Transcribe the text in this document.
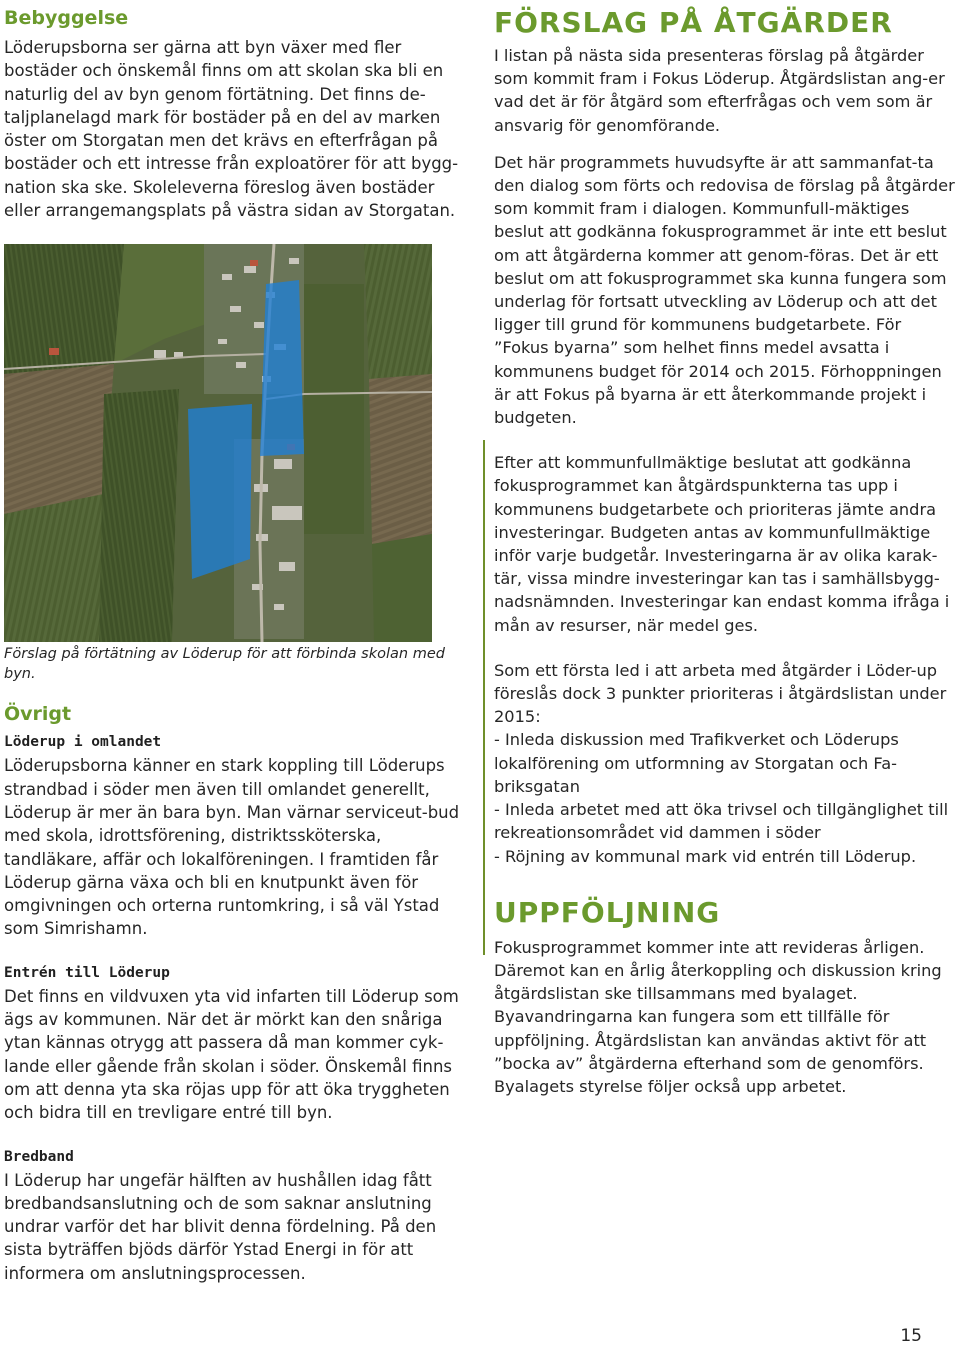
Bebyggelse

Löderupsborna ser gärna att byn växer med fler bostäder och önskemål finns om att skolan ska bli en naturlig del av byn genom förtätning. Det finns de-taljplanelagd mark för bostäder på en del av marken öster om Storgatan men det krävs en efterfrågan på bostäder och ett intresse från exploatörer för att bygg-nation ska ske. Skoleleverna föreslog även bostäder eller arrangemangsplats på västra sidan av Storgatan.

Förslag på förtätning av Löderup för att förbinda skolan med byn.

Övrigt
Löderup i omlandet

Löderupsborna känner en stark koppling till Löderups strandbad i söder men även till omlandet generellt, Löderup är mer än bara byn. Man värnar serviceut-bud med skola, idrottsförening, distriktssköterska, tandläkare, affär och lokalföreningen. I framtiden får Löderup gärna växa och bli en knutpunkt även för omgivningen och orterna runtomkring, i så väl Ystad som Simrishamn.

Entrén till Löderup

Det finns en vildvuxen yta vid infarten till Löderup som ägs av kommunen. När det är mörkt kan den snåriga ytan kännas otrygg att passera då man kommer cyk-lande eller gående från skolan i söder. Önskemål finns om att denna yta ska röjas upp för att öka tryggheten och bidra till en trevligare entré till byn.

Bredband

I Löderup har ungefär hälften av hushållen idag fått bredbandsanslutning och de som saknar anslutning undrar varför det har blivit denna fördelning. På den sista byträffen bjöds därför Ystad Energi in för att informera om anslutningsprocessen.

FÖRSLAG PÅ ÅTGÄRDER

I listan på nästa sida presenteras förslag på åtgärder som kommit fram i Fokus Löderup. Åtgärdslistan ang-er vad det är för åtgärd som efterfrågas och vem som är ansvarig för genomförande.

Det här programmets huvudsyfte är att sammanfat-ta den dialog som förts och redovisa de förslag på åtgärder som kommit fram i dialogen. Kommunfull-mäktiges beslut att godkänna fokusprogrammet är inte ett beslut om att åtgärderna kommer att genom-föras. Det är ett beslut om att fokusprogrammet ska kunna fungera som underlag för fortsatt utveckling av Löderup och att det ligger till grund för kommunens budgetarbete. För ”Fokus byarna” som helhet finns medel avsatta i kommunens budget för 2014 och 2015. Förhoppningen är att Fokus på byarna är ett återkommande projekt i budgeten.

Efter att kommunfullmäktige beslutat att godkänna fokusprogrammet kan åtgärdspunkterna tas upp i kommunens budgetarbete och prioriteras jämte andra investeringar. Budgeten antas av kommunfullmäktige inför varje budgetår. Investeringarna är av olika karak-tär, vissa mindre investeringar kan tas i samhällsbygg-nadsnämnden. Investeringar kan endast komma ifråga i mån av resurser, när medel ges.

Som ett första led i att arbeta med åtgärder i Löder-up föreslås dock 3 punkter prioriteras i åtgärdslistan under 2015:

- Inleda diskussion med Trafikverket och Löderups lokalförening om utformning av Storgatan och Fa-briksgatan

- Inleda arbetet med att öka trivsel och tillgänglighet till rekreationsområdet vid dammen i söder

- Röjning av kommunal mark vid entrén till Löderup.

UPPFÖLJNING

Fokusprogrammet kommer inte att revideras årligen. Däremot kan en årlig återkoppling och diskussion kring åtgärdslistan ske tillsammans med byalaget. Byavandringarna kan fungera som ett tillfälle för uppföljning. Åtgärdslistan kan användas aktivt för att ”bocka av” åtgärderna efterhand som de genomförs. Byalagets styrelse följer också upp arbetet.

15
